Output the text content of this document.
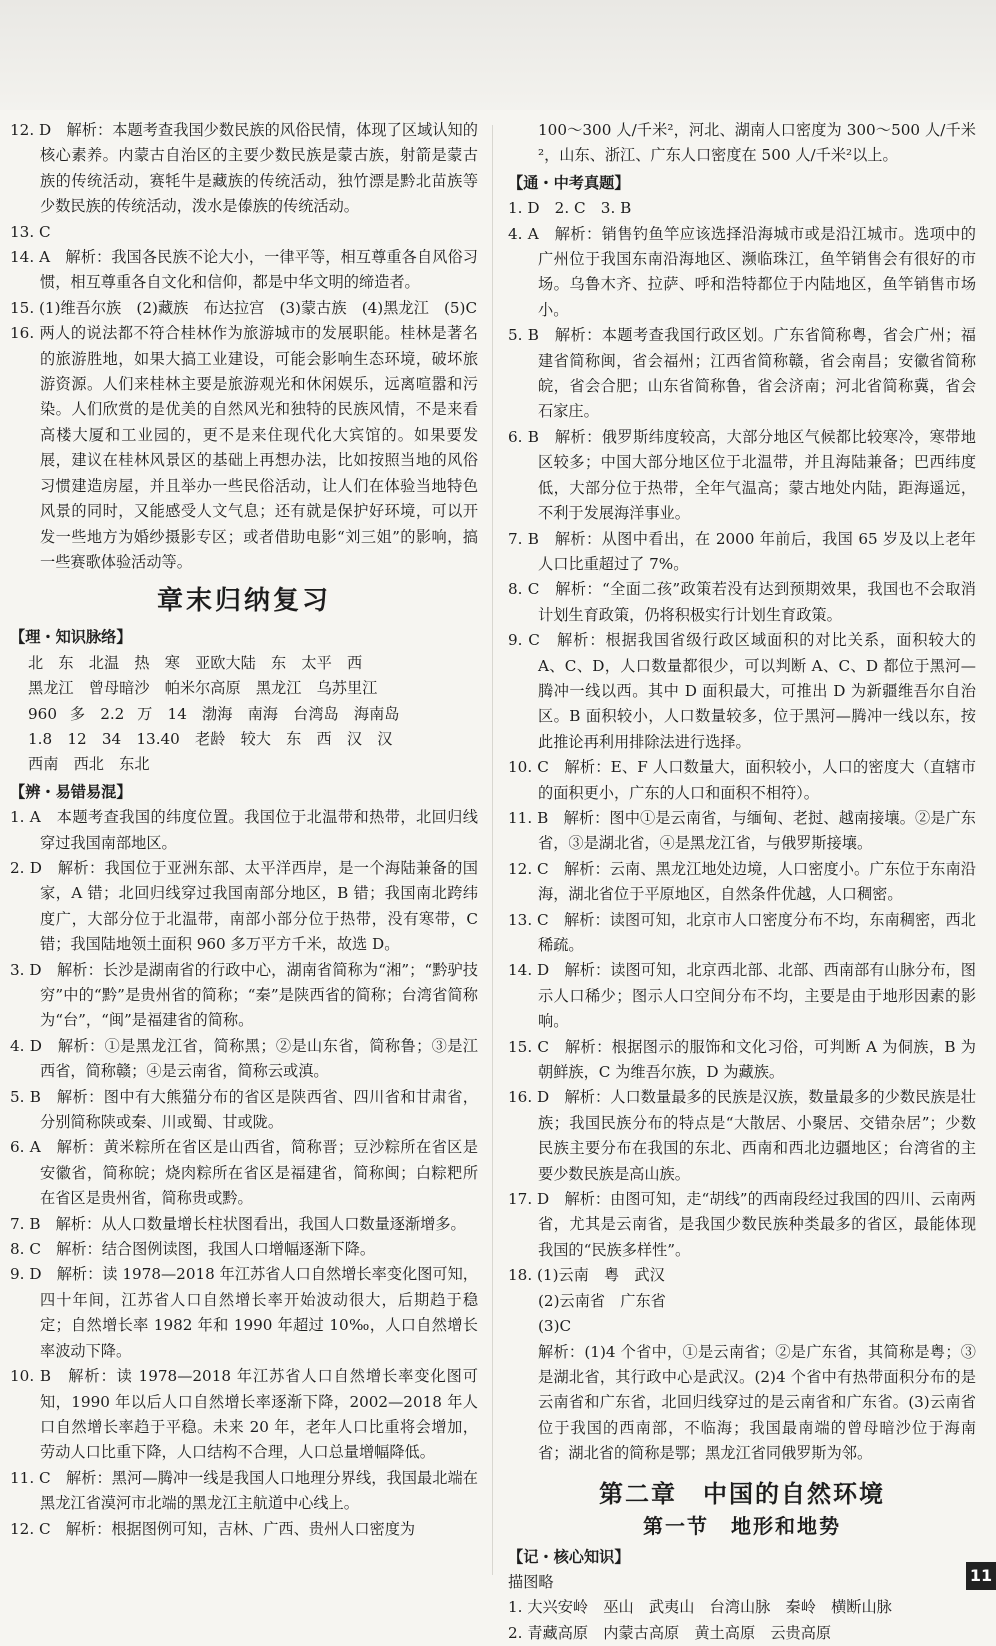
12. D　解析：本题考查我国少数民族的风俗民情，体现了区域认知的核心素养。内蒙古自治区的主要少数民族是蒙古族，射箭是蒙古族的传统活动，赛牦牛是藏族的传统活动，独竹漂是黔北苗族等少数民族的传统活动，泼水是傣族的传统活动。
13. C
14. A　解析：我国各民族不论大小，一律平等，相互尊重各自风俗习惯，相互尊重各自文化和信仰，都是中华文明的缔造者。
15. (1)维吾尔族　(2)藏族　布达拉宫　(3)蒙古族　(4)黑龙江　(5)C
16. 两人的说法都不符合桂林作为旅游城市的发展职能。桂林是著名的旅游胜地，如果大搞工业建设，可能会影响生态环境，破坏旅游资源。人们来桂林主要是旅游观光和休闲娱乐，远离喧嚣和污染。人们欣赏的是优美的自然风光和独特的民族风情，不是来看高楼大厦和工业园的，更不是来住现代化大宾馆的。如果要发展，建议在桂林风景区的基础上再想办法，比如按照当地的风俗习惯建造房屋，并且举办一些民俗活动，让人们在体验当地特色风景的同时，又能感受人文气息；还有就是保护好环境，可以开发一些地方为婚纱摄影专区；或者借助电影“刘三姐”的影响，搞一些赛歌体验活动等。
章末归纳复习
【理・知识脉络】
北　东　北温　热　寒　亚欧大陆　东　太平　西
黑龙江　曾母暗沙　帕米尔高原　黑龙江　乌苏里江
960 多　2.2 万　14　渤海　南海　台湾岛　海南岛
1.8　12　34　13.40　老龄　较大　东　西　汉　汉
西南　西北　东北
【辨・易错易混】
1. A　本题考查我国的纬度位置。我国位于北温带和热带，北回归线穿过我国南部地区。
2. D　解析：我国位于亚洲东部、太平洋西岸，是一个海陆兼备的国家，A 错；北回归线穿过我国南部分地区，B 错；我国南北跨纬度广，大部分位于北温带，南部小部分位于热带，没有寒带，C 错；我国陆地领土面积 960 多万平方千米，故选 D。
3. D　解析：长沙是湖南省的行政中心，湖南省简称为“湘”；“黔驴技穷”中的“黔”是贵州省的简称；“秦”是陕西省的简称；台湾省简称为“台”，“闽”是福建省的简称。
4. D　解析：①是黑龙江省，简称黑；②是山东省，简称鲁；③是江西省，简称赣；④是云南省，简称云或滇。
5. B　解析：图中有大熊猫分布的省区是陕西省、四川省和甘肃省，分别简称陕或秦、川或蜀、甘或陇。
6. A　解析：黄米粽所在省区是山西省，简称晋；豆沙粽所在省区是安徽省，简称皖；烧肉粽所在省区是福建省，简称闽；白粽粑所在省区是贵州省，简称贵或黔。
7. B　解析：从人口数量增长柱状图看出，我国人口数量逐渐增多。
8. C　解析：结合图例读图，我国人口增幅逐渐下降。
9. D　解析：读 1978—2018 年江苏省人口自然增长率变化图可知，四十年间，江苏省人口自然增长率开始波动很大，后期趋于稳定；自然增长率 1982 年和 1990 年超过 10‰，人口自然增长率波动下降。
10. B　解析：读 1978—2018 年江苏省人口自然增长率变化图可知，1990 年以后人口自然增长率逐渐下降，2002—2018 年人口自然增长率趋于平稳。未来 20 年，老年人口比重将会增加，劳动人口比重下降，人口结构不合理，人口总量增幅降低。
11. C　解析：黑河—腾冲一线是我国人口地理分界线，我国最北端在黑龙江省漠河市北端的黑龙江主航道中心线上。
12. C　解析：根据图例可知，吉林、广西、贵州人口密度为
100～300 人/千米²，河北、湖南人口密度为 300～500 人/千米²，山东、浙江、广东人口密度在 500 人/千米²以上。
【通・中考真题】
1. D　2. C　3. B
4. A　解析：销售钓鱼竿应该选择沿海城市或是沿江城市。选项中的广州位于我国东南沿海地区、濒临珠江，鱼竿销售会有很好的市场。乌鲁木齐、拉萨、呼和浩特都位于内陆地区，鱼竿销售市场小。
5. B　解析：本题考查我国行政区划。广东省简称粤，省会广州；福建省简称闽，省会福州；江西省简称赣，省会南昌；安徽省简称皖，省会合肥；山东省简称鲁，省会济南；河北省简称冀，省会石家庄。
6. B　解析：俄罗斯纬度较高，大部分地区气候都比较寒冷，寒带地区较多；中国大部分地区位于北温带，并且海陆兼备；巴西纬度低，大部分位于热带，全年气温高；蒙古地处内陆，距海遥远，不利于发展海洋事业。
7. B　解析：从图中看出，在 2000 年前后，我国 65 岁及以上老年人口比重超过了 7%。
8. C　解析：“全面二孩”政策若没有达到预期效果，我国也不会取消计划生育政策，仍将积极实行计划生育政策。
9. C　解析：根据我国省级行政区域面积的对比关系，面积较大的 A、C、D，人口数量都很少，可以判断 A、C、D 都位于黑河—腾冲一线以西。其中 D 面积最大，可推出 D 为新疆维吾尔自治区。B 面积较小，人口数量较多，位于黑河—腾冲一线以东，按此推论再利用排除法进行选择。
10. C　解析：E、F 人口数量大，面积较小，人口的密度大（直辖市的面积更小，广东的人口和面积不相符）。
11. B　解析：图中①是云南省，与缅甸、老挝、越南接壤。②是广东省，③是湖北省，④是黑龙江省，与俄罗斯接壤。
12. C　解析：云南、黑龙江地处边境，人口密度小。广东位于东南沿海，湖北省位于平原地区，自然条件优越，人口稠密。
13. C　解析：读图可知，北京市人口密度分布不均，东南稠密，西北稀疏。
14. D　解析：读图可知，北京西北部、北部、西南部有山脉分布，图示人口稀少；图示人口空间分布不均，主要是由于地形因素的影响。
15. C　解析：根据图示的服饰和文化习俗，可判断 A 为侗族，B 为朝鲜族，C 为维吾尔族，D 为藏族。
16. D　解析：人口数量最多的民族是汉族，数量最多的少数民族是壮族；我国民族分布的特点是“大散居、小聚居、交错杂居”；少数民族主要分布在我国的东北、西南和西北边疆地区；台湾省的主要少数民族是高山族。
17. D　解析：由图可知，走“胡线”的西南段经过我国的四川、云南两省，尤其是云南省，是我国少数民族种类最多的省区，最能体现我国的“民族多样性”。
18. (1)云南　粤　武汉
(2)云南省　广东省
(3)C
解析：(1)4 个省中，①是云南省；②是广东省，其简称是粤；③是湖北省，其行政中心是武汉。(2)4 个省中有热带面积分布的是云南省和广东省，北回归线穿过的是云南省和广东省。(3)云南省位于我国的西南部，不临海；我国最南端的曾母暗沙位于海南省；湖北省的简称是鄂；黑龙江省同俄罗斯为邻。
第二章　中国的自然环境
第一节　地形和地势
【记・核心知识】
描图略
1. 大兴安岭　巫山　武夷山　台湾山脉　秦岭　横断山脉
2. 青藏高原　内蒙古高原　黄土高原　云贵高原
11
